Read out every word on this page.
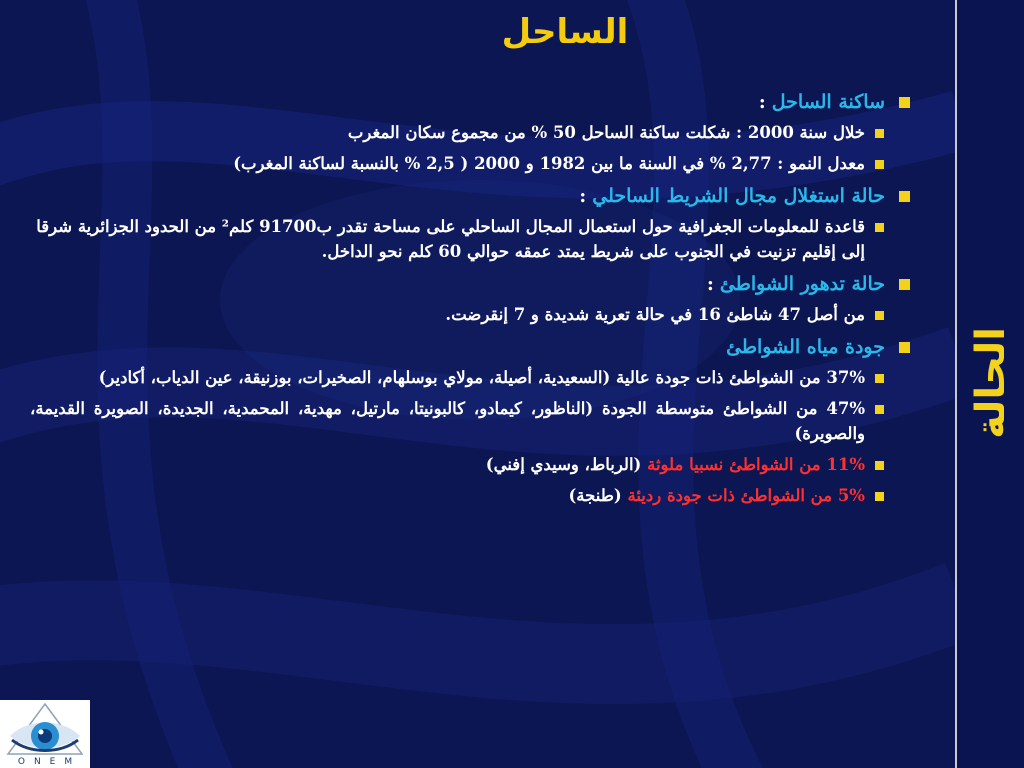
الحالة
الساحل
ساكنة الساحل
:
خلال سنة 2000 : شكلت ساكنة الساحل 50 % من مجموع سكان المغرب
معدل النمو : 2,77 % في السنة ما بين 1982 و 2000 ( 2,5 % بالنسبة لساكنة المغرب)
حالة استغلال مجال الشريط الساحلي
:
قاعدة للمعلومات الجغرافية حول استعمال المجال الساحلي على مساحة تقدر ب91700 كلم² من الحدود الجزائرية شرقا إلى إقليم تزنيت في الجنوب على شريط يمتد عمقه حوالي 60 كلم نحو الداخل.
حالة تدهور الشواطئ
:
من أصل 47 شاطئ 16 في حالة تعرية شديدة و 7 إنقرضت.
جودة مياه الشواطئ
37% من الشواطئ ذات جودة عالية (السعيدية، أصيلة، مولاي بوسلهام، الصخيرات، بوزنيقة، عين الدياب، أكادير)
47% من الشواطئ متوسطة الجودة (الناظور، كيمادو، كالبونيتا، مارتيل، مهدية، المحمدية، الجديدة، الصويرة القديمة، والصويرة)
11% من الشواطئ نسبيا ملوثة (الرباط، وسيدي إفني)
5% من الشواطئ ذات جودة رديئة (طنجة)
ONEM
